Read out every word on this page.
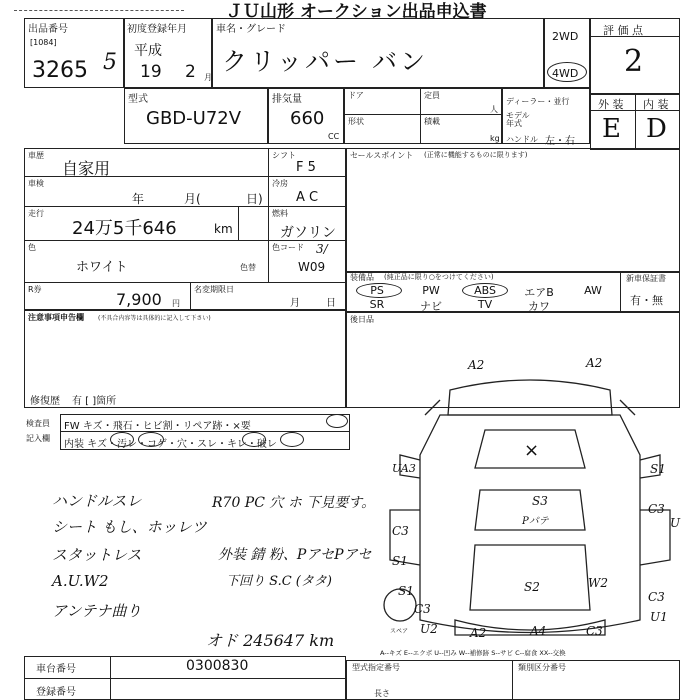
ＪＵ山形 オークション出品申込書
出品番号
[1084]
3265 5
初度登録年月
平成
19 2 月
車名・グレード
クリッパー バン
2WD
4WD
評 価 点
2
外 装 内 装
E D
型式
GBD-U72V
排気量
660
CC
ドア	定員
人
形状	積載
kg
ディーラー・並行
モデル年式
ハンドル 左・右
車歴
自家用
シフト
F 5
車検
年	月(	日)
冷房
A C
走行
24万5千646	km
燃料
ガソリン
色
ホワイト	色替
色コード 3/
W09
R券
7,900 円
名変期限日
月	日
注意事項申告欄 (不具合内容等は具体的に記入して下さい)
修復歴 有 [ ]箇所
セールスポイント (正常に機能するものに限ります)
装備品 (純正品に限り○をつけてください)	新車保証書
有・無
PS	PW	ABS	エアB	AW
SR	ナビ	TV	カワ
後日品
検査員
記入欄
FW キズ・飛石・ヒビ割・リペア跡・×要
内装 キズ・汚レ・コゲ・穴・スレ・キレ・破レ
ハンドルスレ
シート もし、ホッレツ
スタットレス
A.U.W2
アンテナ曲り
R70 PC 穴 ホ 下見要す。
外装 錆 粉、PアセPアセ
下回り S.C (タタ)
オド 245647 km
A2	A2
×
UA3	S1
S3
Pパテ
C3
C3
U
S1
S2	W2
S1	C3
U1
C3
U2	A2	A4
スペア	C3
A--キズ E--エクボ U--凹み W--補修跡 S--サビ C--腐食 XX--交換
車台番号	0300830
登録番号
型式指定番号	類別区分番号
長さ
